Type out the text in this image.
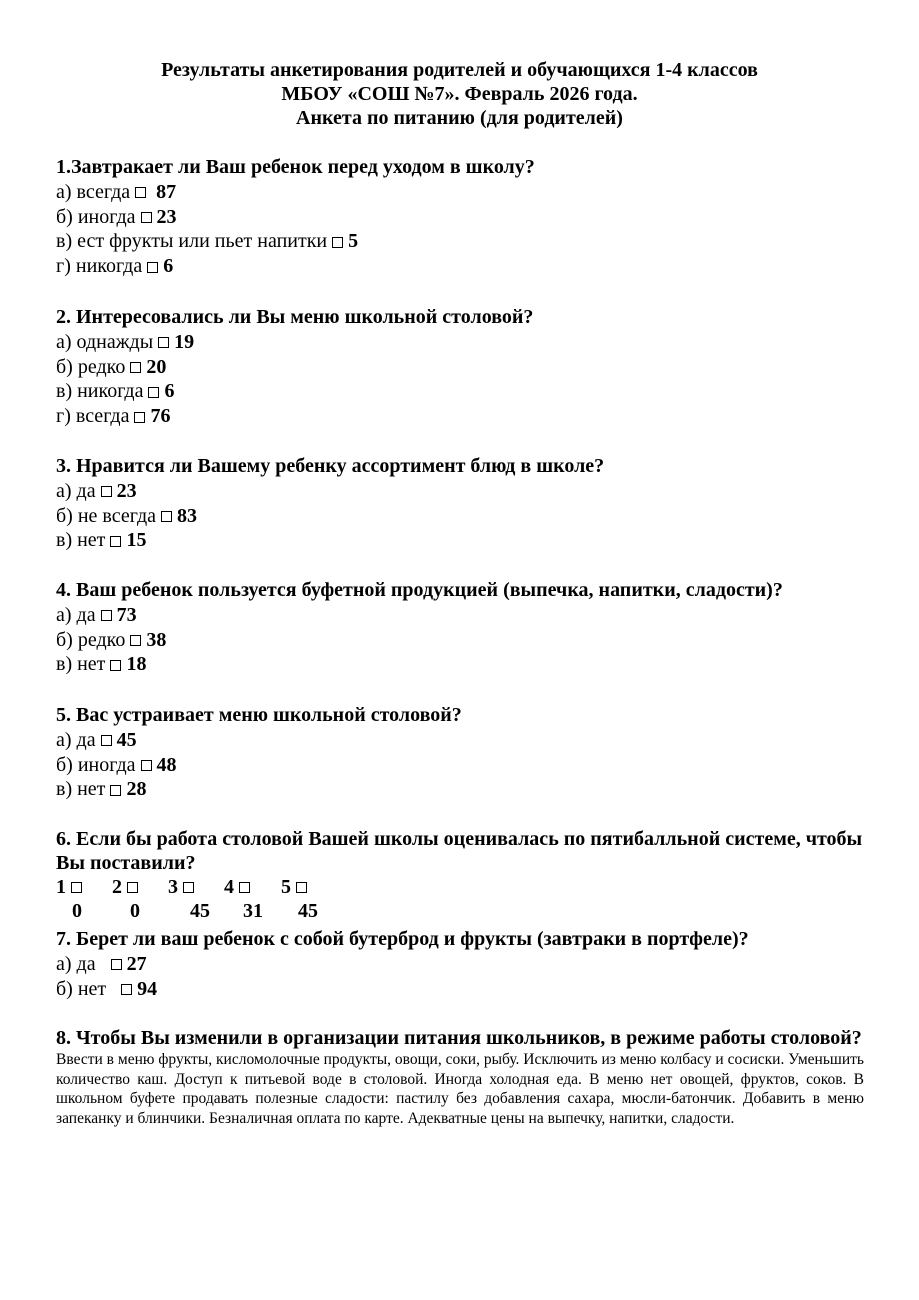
Результаты анкетирования родителей и обучающихся 1-4 классов
МБОУ «СОШ №7». Февраль 2026 года.
Анкета по питанию (для родителей)
1.Завтракает ли Ваш ребенок перед уходом в школу?
а) всегда 87
б) иногда 23
в) ест фрукты или пьет напитки 5
г) никогда 6
2. Интересовались ли Вы меню школьной столовой?
а) однажды 19
б) редко 20
в) никогда 6
г) всегда 76
3. Нравится ли Вашему ребенку ассортимент блюд в школе?
а) да 23
б) не всегда 83
в) нет 15
4. Ваш ребенок пользуется буфетной продукцией (выпечка, напитки, сладости)?
а) да 73
б) редко 38
в) нет 18
5. Вас устраивает меню школьной столовой?
а) да 45
б) иногда 48
в) нет 28
6. Если бы работа столовой Вашей школы оценивалась по пятибалльной системе, чтобы Вы поставили?
1	2	3	4	5
0 0	45 31 45
7. Берет ли ваш ребенок с собой бутерброд и фрукты (завтраки в портфеле)?
а) да 27
б) нет 94
8. Чтобы Вы изменили в организации питания школьников, в режиме работы столовой?
Ввести в меню фрукты, кисломолочные продукты, овощи, соки, рыбу. Исключить из меню колбасу и сосиски. Уменьшить количество каш. Доступ к питьевой воде в столовой. Иногда холодная еда. В меню нет овощей, фруктов, соков. В школьном буфете продавать полезные сладости: пастилу без добавления сахара, мюсли-батончик. Добавить в меню запеканку и блинчики. Безналичная оплата по карте. Адекватные цены на выпечку, напитки, сладости.
